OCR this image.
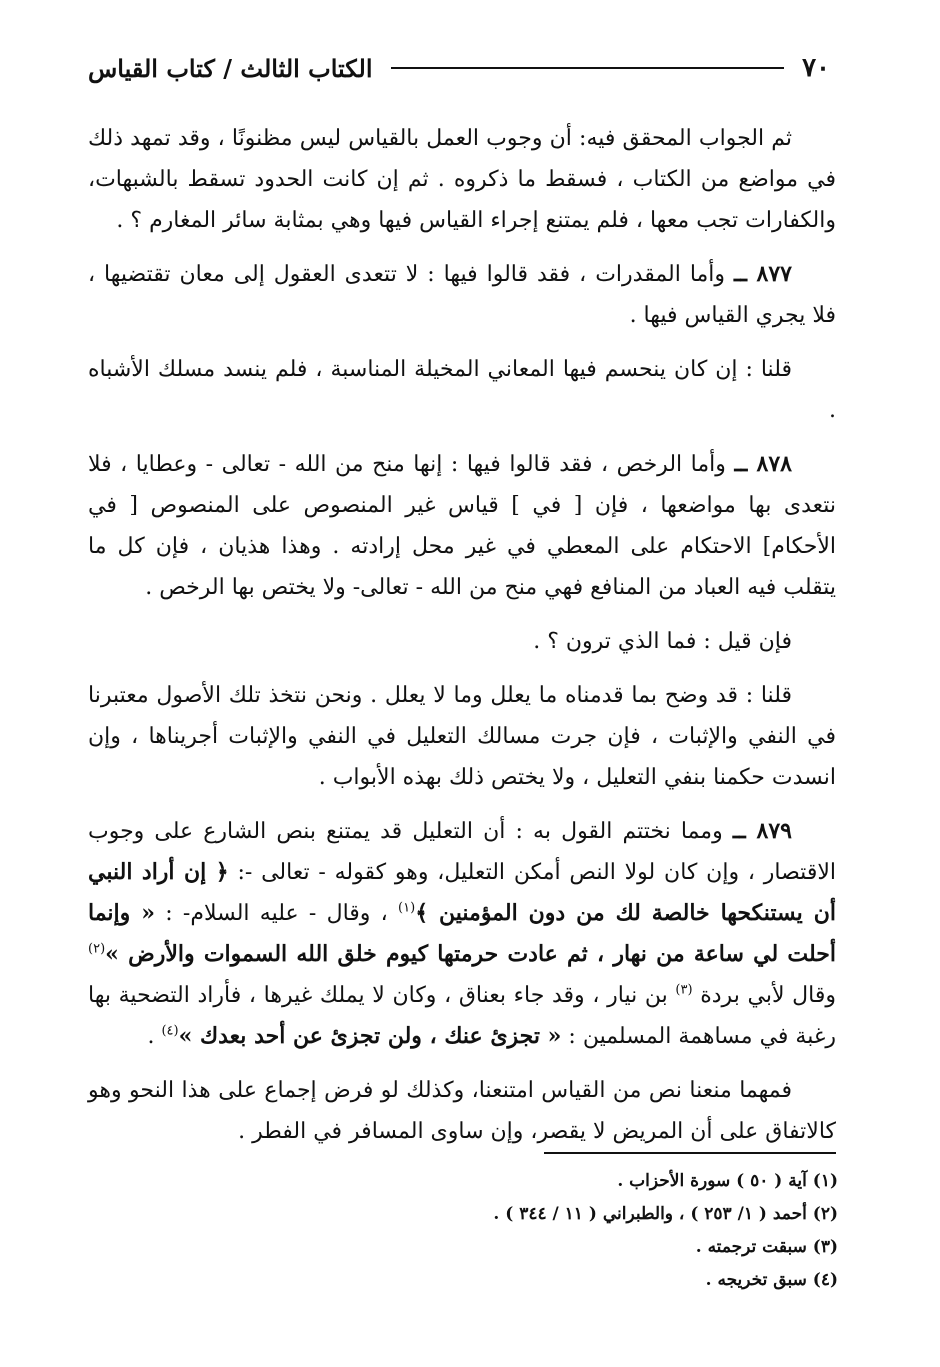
٧٠
الكتاب الثالث / كتاب القياس

ثم الجواب المحقق فيه: أن وجوب العمل بالقياس ليس مظنونًا ، وقد تمهد ذلك في مواضع من الكتاب ، فسقط ما ذكروه . ثم إن كانت الحدود تسقط بالشبهات، والكفارات تجب معها ، فلم يمتنع إجراء القياس فيها وهي بمثابة سائر المغارم ؟ .

٨٧٧ ــ وأما المقدرات ، فقد قالوا فيها : لا تتعدى العقول إلى معان تقتضيها ، فلا يجري القياس فيها .

قلنا : إن كان ينحسم فيها المعاني المخيلة المناسبة ، فلم ينسد مسلك الأشباه .

٨٧٨ ــ وأما الرخص ، فقد قالوا فيها : إنها منح من الله - تعالى - وعطايا ، فلا نتعدى بها مواضعها ، فإن [ في ] قياس غير المنصوص على المنصوص [ في الأحكام] الاحتكام على المعطي في غير محل إرادته . وهذا هذيان ، فإن كل ما يتقلب فيه العباد من المنافع فهي منح من الله - تعالى- ولا يختص بها الرخص .

فإن قيل : فما الذي ترون ؟ .

قلنا : قد وضح بما قدمناه ما يعلل وما لا يعلل . ونحن نتخذ تلك الأصول معتبرنا في النفي والإثبات ، فإن جرت مسالك التعليل في النفي والإثبات أجريناها ، وإن انسدت حكمنا بنفي التعليل ، ولا يختص ذلك بهذه الأبواب .

٨٧٩ ــ ومما نختتم القول به : أن التعليل قد يمتنع بنص الشارع على وجوب الاقتصار ، وإن كان لولا النص أمكن التعليل، وهو كقوله - تعالى -: ﴿ إن أراد النبي أن يستنكحها خالصة لك من دون المؤمنين ﴾$^{(١)}$ ، وقال - عليه السلام- : « وإنما أحلت لي ساعة من نهار ، ثم عادت حرمتها كيوم خلق الله السموات والأرض »$^{(٢)}$ وقال لأبي بردة $^{(٣)}$ بن نيار ، وقد جاء بعناق ، وكان لا يملك غيرها ، فأراد التضحية بها رغبة في مساهمة المسلمين : « تجزئ عنك ، ولن تجزئ عن أحد بعدك »$^{(٤)}$ .

فمهما منعنا نص من القياس امتنعنا، وكذلك لو فرض إجماع على هذا النحو وهو كالاتفاق على أن المريض لا يقصر، وإن ساوى المسافر في الفطر .

(١) آية ( ٥٠ ) سورة الأحزاب .

(٢) أحمد ( ١/ ٢٥٣ ) ، والطبراني ( ١١ / ٣٤٤ ) .

(٣) سبقت ترجمته .

(٤) سبق تخريجه .
